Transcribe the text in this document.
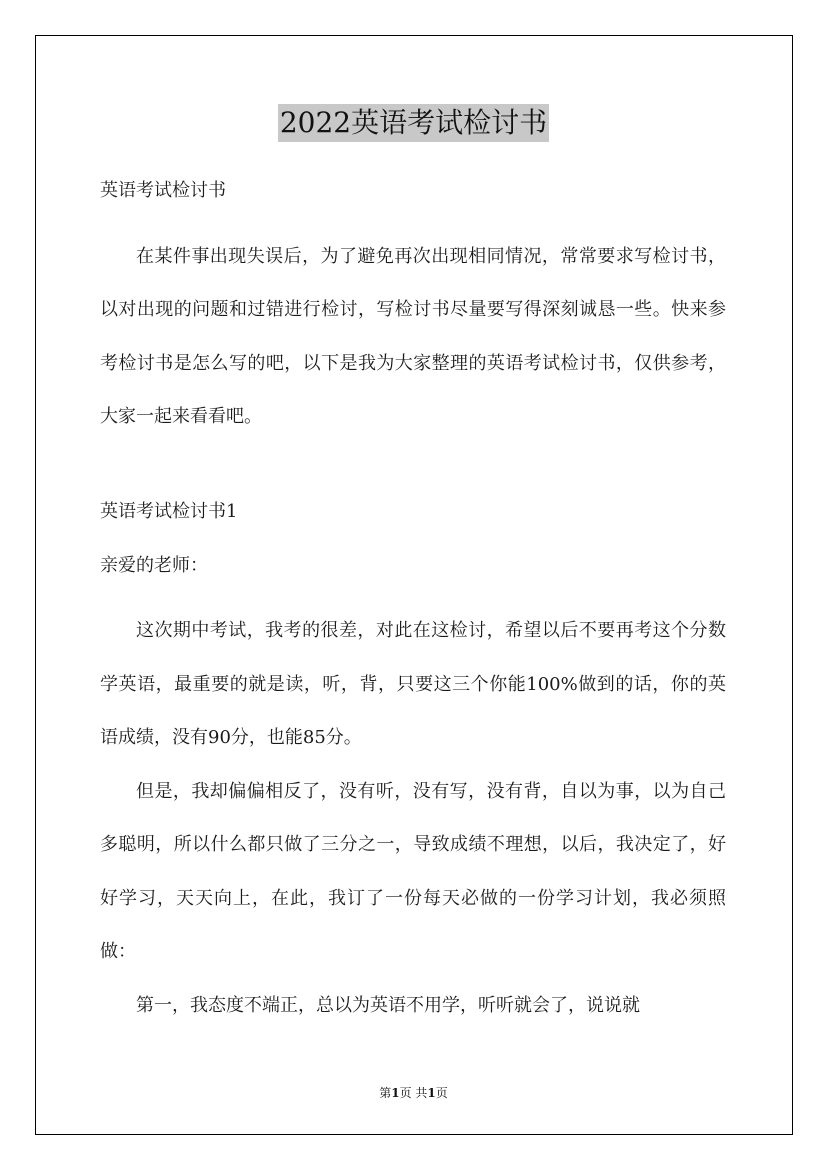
2022英语考试检讨书
英语考试检讨书

在某件事出现失误后，为了避免再次出现相同情况，常常要求写检讨书，以对出现的问题和过错进行检讨，写检讨书尽量要写得深刻诚恳一些。快来参考检讨书是怎么写的吧，以下是我为大家整理的英语考试检讨书，仅供参考，大家一起来看看吧。

英语考试检讨书1
亲爱的老师：

这次期中考试，我考的很差，对此在这检讨，希望以后不要再考这个分数学英语，最重要的就是读，听，背，只要这三个你能100%做到的话，你的英语成绩，没有90分，也能85分。

但是，我却偏偏相反了，没有听，没有写，没有背，自以为事，以为自己多聪明，所以什么都只做了三分之一，导致成绩不理想，以后，我决定了，好好学习，天天向上，在此，我订了一份每天必做的一份学习计划，我必须照做：

第一，我态度不端正，总以为英语不用学，听听就会了，说说就

第1页 共1页
